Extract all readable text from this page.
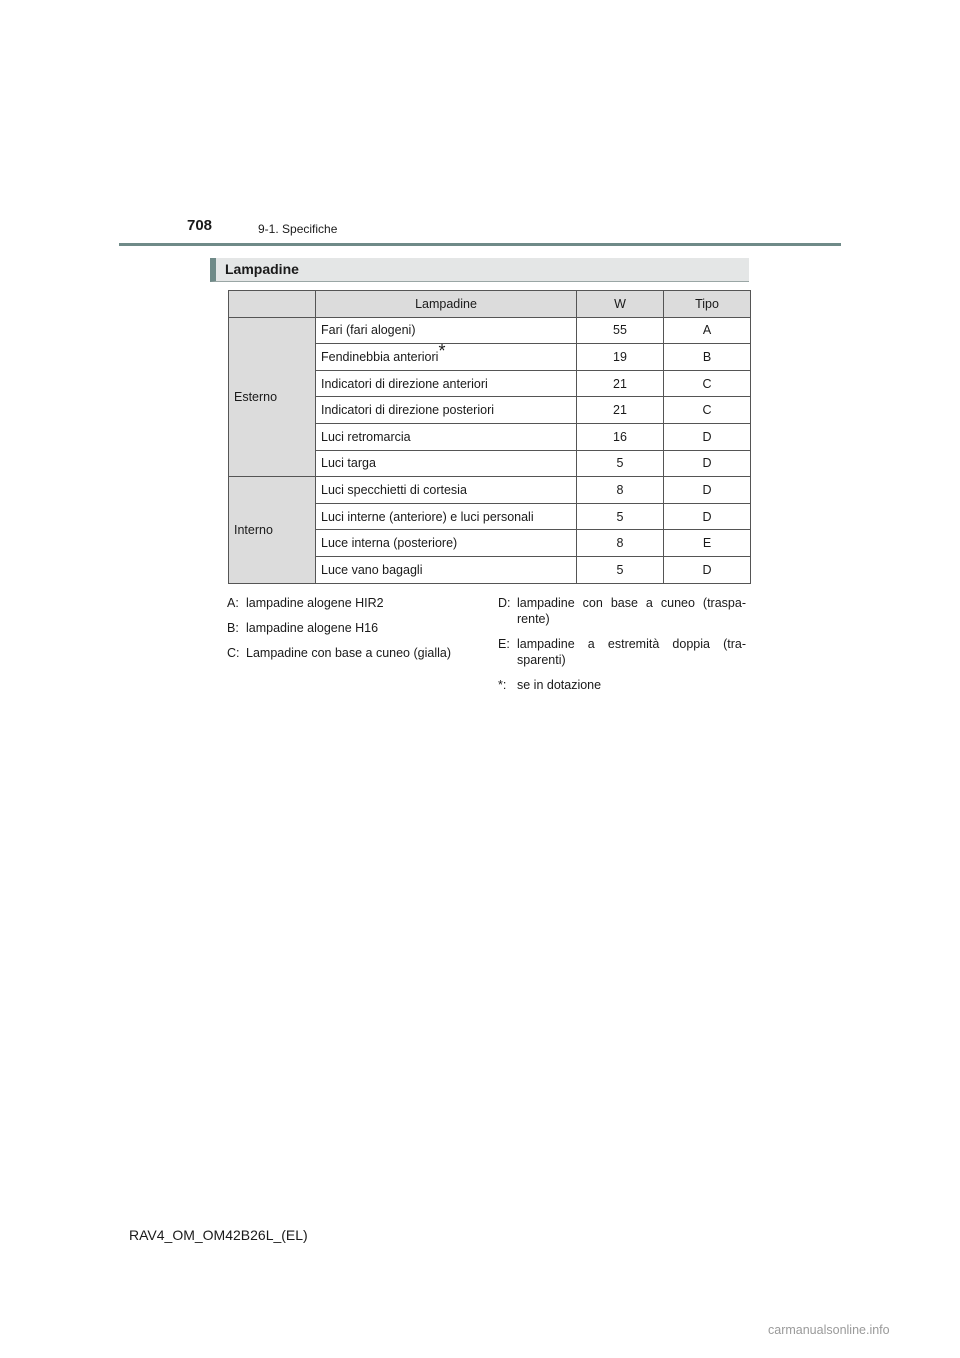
708	9-1. Specifiche
Lampadine
	Lampadine	W	Tipo
Esterno	Fari (fari alogeni)	55	A
	Fendinebbia anteriori*	19	B
	Indicatori di direzione anteriori	21	C
	Indicatori di direzione posteriori	21	C
	Luci retromarcia	16	D
	Luci targa	5	D
Interno	Luci specchietti di cortesia	8	D
	Luci interne (anteriore) e luci personali	5	D
	Luce interna (posteriore)	8	E
	Luce vano bagagli	5	D
A: lampadine alogene HIR2
B: lampadine alogene H16
C: Lampadine con base a cuneo (gialla)
D: lampadine con base a cuneo (traspa-rente)
E: lampadine a estremità doppia (tra-sparenti)
*: se in dotazione
RAV4_OM_OM42B26L_(EL)
carmanualsonline.info
